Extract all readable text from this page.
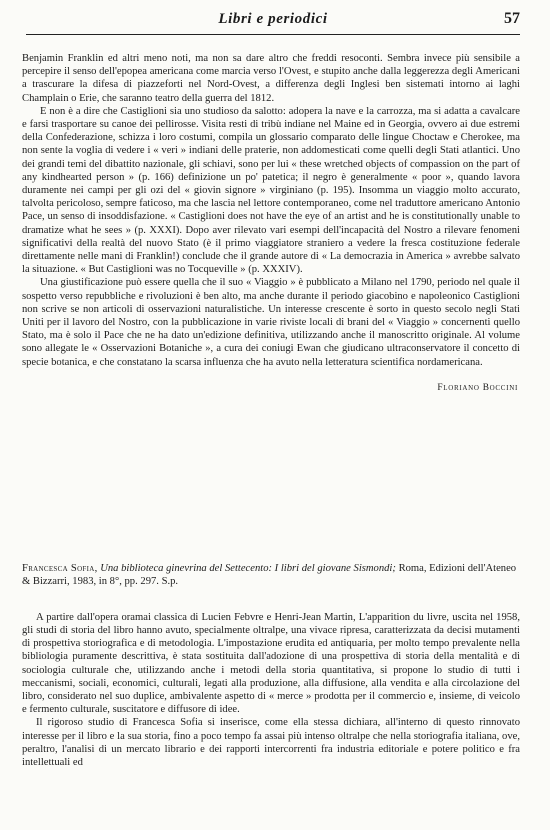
Libri e periodici	57

Benjamin Franklin ed altri meno noti, ma non sa dare altro che freddi resoconti. Sembra invece più sensibile a percepire il senso dell'epopea americana come marcia verso l'Ovest, e stupito anche dalla leggerezza degli Americani a trascurare la difesa di piazzeforti nel Nord-Ovest, a differenza degli Inglesi ben sistemati intorno ai laghi Champlain o Erie, che saranno teatro della guerra del 1812.

E non è a dire che Castiglioni sia uno studioso da salotto: adopera la nave e la carrozza, ma si adatta a cavalcare e farsi trasportare su canoe dei pellirosse. Visita resti di tribù indiane nel Maine ed in Georgia, ovvero ai due estremi della Confederazione, schizza i loro costumi, compila un glossario comparato delle lingue Choctaw e Cherokee, ma non sente la voglia di vedere i « veri » indiani delle praterie, non addomesticati come quelli degli Stati atlantici. Uno dei grandi temi del dibattito nazionale, gli schiavi, sono per lui « these wretched objects of compassion on the part of any kindhearted person » (p. 166) definizione un po' patetica; il negro è generalmente « poor », quando lavora duramente nei campi per gli ozi del « giovin signore » virginiano (p. 195). Insomma un viaggio molto accurato, talvolta pericoloso, sempre faticoso, ma che lascia nel lettore contemporaneo, come nel traduttore americano Antonio Pace, un senso di insoddisfazione. « Castiglioni does not have the eye of an artist and he is constitutionally unable to dramatize what he sees » (p. XXXI). Dopo aver rilevato vari esempi dell'incapacità del Nostro a rilevare fenomeni significativi della realtà del nuovo Stato (è il primo viaggiatore straniero a vedere la fresca costituzione federale direttamente nelle mani di Franklin!) conclude che il grande autore di « La democrazia in America » avrebbe salvato la situazione. « But Castiglioni was no Tocqueville » (p. XXXIV).

Una giustificazione può essere quella che il suo « Viaggio » è pubblicato a Milano nel 1790, periodo nel quale il sospetto verso repubbliche e rivoluzioni è ben alto, ma anche durante il periodo giacobino e napoleonico Castiglioni non scrive se non articoli di osservazioni naturalistiche. Un interesse crescente è sorto in questo secolo negli Stati Uniti per il lavoro del Nostro, con la pubblicazione in varie riviste locali di brani del « Viaggio » concernenti quello Stato, ma è solo il Pace che ne ha dato un'edizione definitiva, utilizzando anche il manoscritto originale. Al volume sono allegate le « Osservazioni Botaniche », a cura dei coniugi Ewan che giudicano ultraconservatore il concetto di specie botanica, e che constatano la scarsa influenza che ha avuto nella letteratura scientifica nordamericana.

Floriano Boccini
Francesca Sofia, Una biblioteca ginevrina del Settecento: I libri del giovane Sismondi; Roma, Edizioni dell'Ateneo & Bizzarri, 1983, in 8°, pp. 297. S.p.

A partire dall'opera oramai classica di Lucien Febvre e Henri-Jean Martin, L'apparition du livre, uscita nel 1958, gli studi di storia del libro hanno avuto, specialmente oltralpe, una vivace ripresa, caratterizzata da decisi mutamenti di prospettiva storiografica e di metodologia. L'impostazione erudita ed antiquaria, per molto tempo prevalente nella bibliologia puramente descrittiva, è stata sostituita dall'adozione di una prospettiva di storia della mentalità e di sociologia culturale che, utilizzando anche i metodi della storia quantitativa, si propone lo studio di tutti i meccanismi, sociali, economici, culturali, legati alla produzione, alla diffusione, alla vendita e alla circolazione del libro, considerato nel suo duplice, ambivalente aspetto di « merce » prodotta per il commercio e, insieme, di veicolo e fermento culturale, suscitatore e diffusore di idee.

Il rigoroso studio di Francesca Sofia si inserisce, come ella stessa dichiara, all'interno di questo rinnovato interesse per il libro e la sua storia, fino a poco tempo fa assai più intenso oltralpe che nella storiografia italiana, ove, peraltro, l'analisi di un mercato librario e dei rapporti intercorrenti fra industria editoriale e potere politico e fra intellettuali ed
